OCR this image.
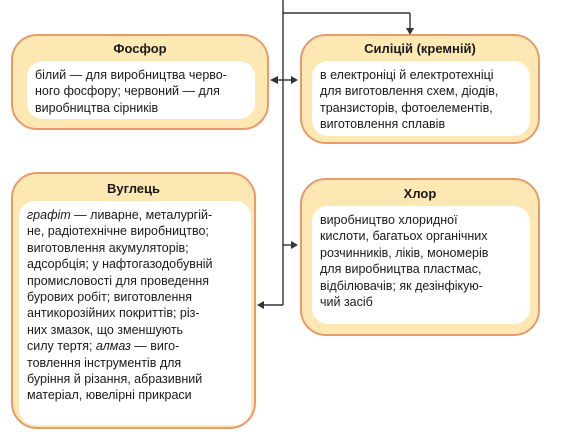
Фосфор
білий — для виробництва черво-
ного фосфору; червоний — для
виробництва сірників
Силіцій (кремній)
в електроніці й електротехніці
для виготовлення схем, діодів,
транзисторів, фотоелементів,
виготовлення сплавів
Вуглець
графіт — ливарне, металургій-
не, радіотехнічне виробництво;
виготовлення акумуляторів;
адсорбція; у нафтогазодобувній
промисловості для проведення
бурових робіт; виготовлення
антикорозійних покриттів; різ-
них змазок, що зменшують
силу тертя; алмаз — виго-
товлення інструментів для
буріння й різання, абразивний
матеріал, ювелірні прикраси
Хлор
виробництво хлоридної
кислоти, багатьох органічних
розчинників, ліків, мономерів
для виробництва пластмас,
відбілювачів; як дезінфікую-
чий засіб
